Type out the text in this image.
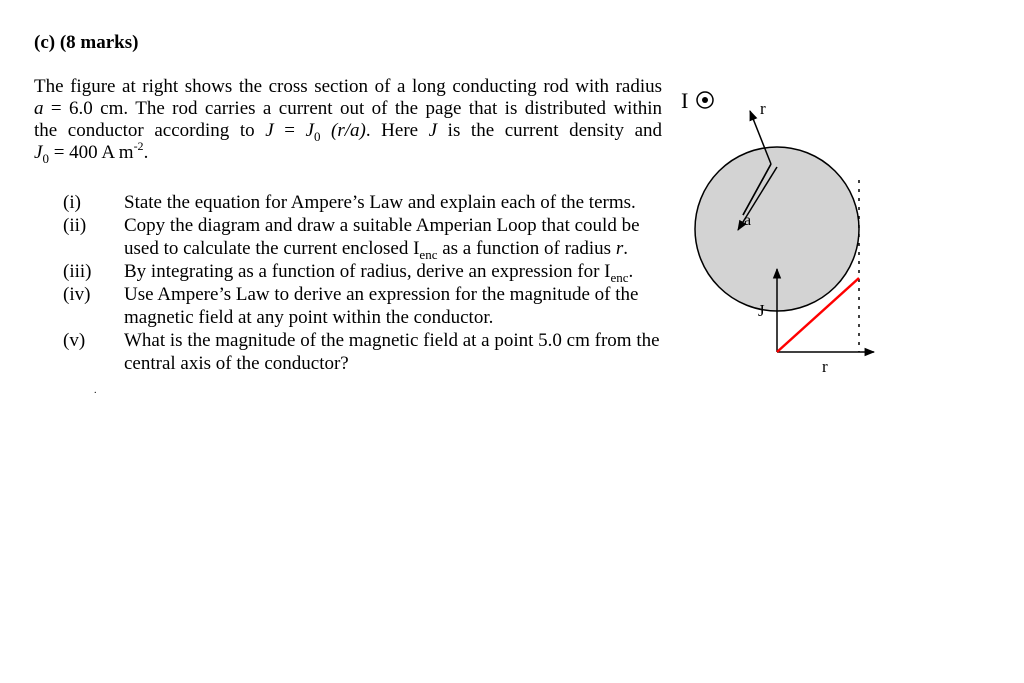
(c) (8 marks)
The figure at right shows the cross section of a long conducting rod with radius
a = 6.0 cm. The rod carries a current out of the page that is distributed within
the conductor according to $J = J_0$ (r/a). Here J is the current density and
$J_0 = 400$ A $m^{-2}$.
(i)	State the equation for Ampere’s Law and explain each of the terms.
(ii)	Copy the diagram and draw a suitable Amperian Loop that could be used to calculate the current enclosed $I_{enc}$ as a function of radius r.
(iii)	By integrating as a function of radius, derive an expression for $I_{enc}$.
(iv)	Use Ampere’s Law to derive an expression for the magnitude of the magnetic field at any point within the conductor.
(v)	What is the magnitude of the magnetic field at a point 5.0 cm from the central axis of the conductor?
.
I	r
a
J
r
